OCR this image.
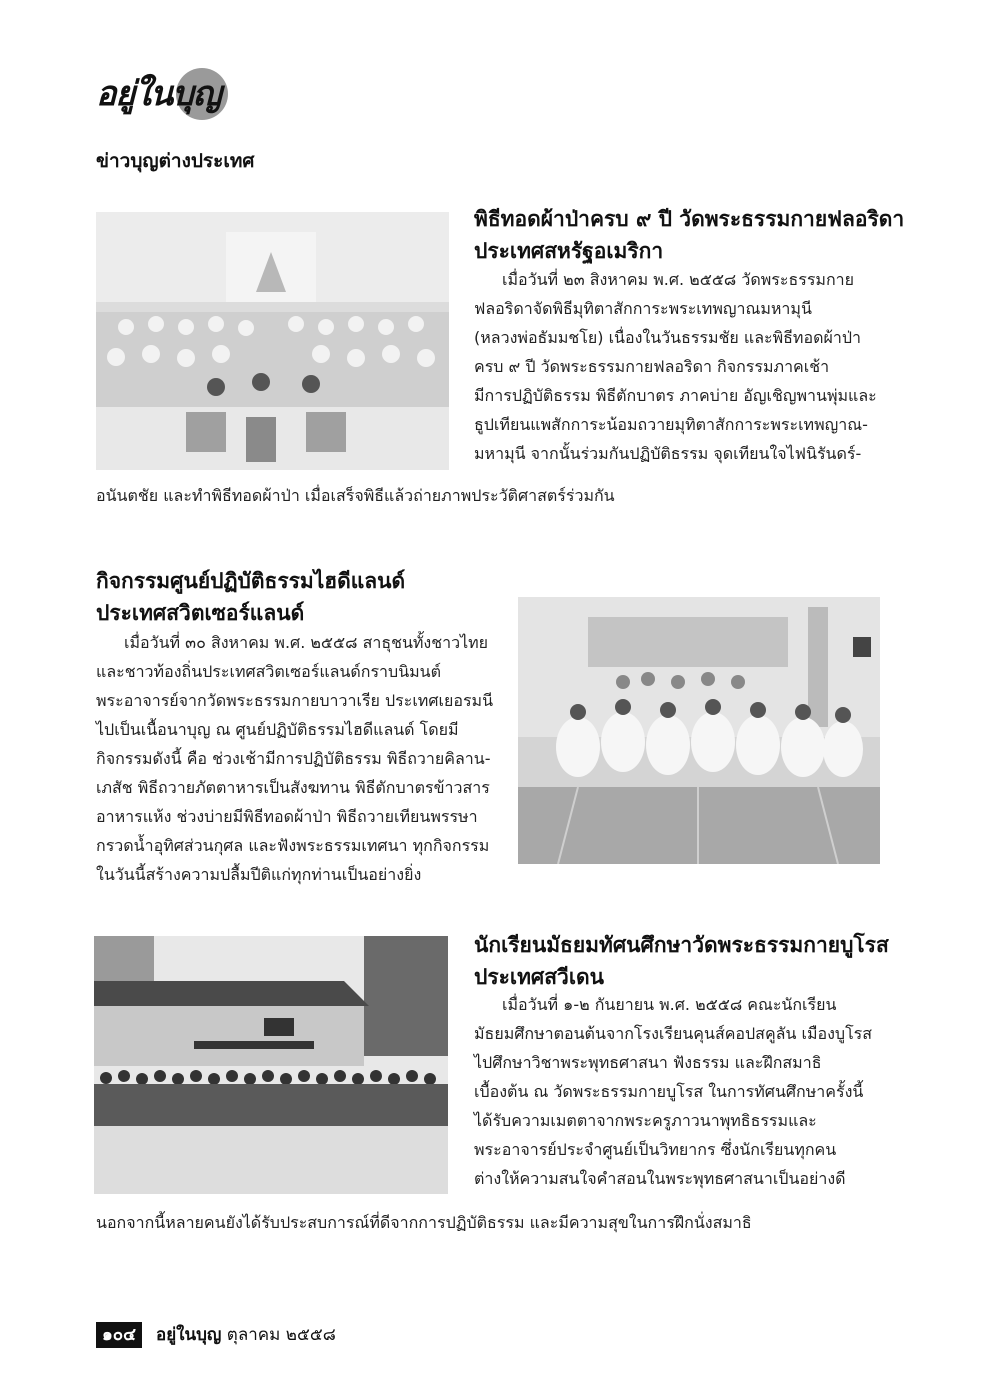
อยู่ในบุญ
ข่าวบุญต่างประเทศ
พิธีทอดผ้าป่าครบ ๙ ปี วัดพระธรรมกายฟลอริดา
ประเทศสหรัฐอเมริกา
เมื่อวันที่ ๒๓ สิงหาคม พ.ศ. ๒๕๕๘ วัดพระธรรมกาย
ฟลอริดาจัดพิธีมุทิตาสักการะพระเทพญาณมหามุนี
(หลวงพ่อธัมมชโย) เนื่องในวันธรรมชัย และพิธีทอดผ้าป่า
ครบ ๙ ปี วัดพระธรรมกายฟลอริดา กิจกรรมภาคเช้า
มีการปฏิบัติธรรม พิธีตักบาตร ภาคบ่าย อัญเชิญพานพุ่มและ
ธูปเทียนแพสักการะน้อมถวายมุทิตาสักการะพระเทพญาณ-
มหามุนี จากนั้นร่วมกันปฏิบัติธรรม จุดเทียนใจไฟนิรันดร์-
อนันตชัย และทำพิธีทอดผ้าป่า เมื่อเสร็จพิธีแล้วถ่ายภาพประวัติศาสตร์ร่วมกัน
กิจกรรมศูนย์ปฏิบัติธรรมไฮดีแลนด์
ประเทศสวิตเซอร์แลนด์
เมื่อวันที่ ๓๐ สิงหาคม พ.ศ. ๒๕๕๘ สาธุชนทั้งชาวไทย
และชาวท้องถิ่นประเทศสวิตเซอร์แลนด์กราบนิมนต์
พระอาจารย์จากวัดพระธรรมกายบาวาเรีย ประเทศเยอรมนี
ไปเป็นเนื้อนาบุญ ณ ศูนย์ปฏิบัติธรรมไฮดีแลนด์ โดยมี
กิจกรรมดังนี้ คือ ช่วงเช้ามีการปฏิบัติธรรม พิธีถวายคิลาน-
เภสัช พิธีถวายภัตตาหารเป็นสังฆทาน พิธีตักบาตรข้าวสาร
อาหารแห้ง ช่วงบ่ายมีพิธีทอดผ้าป่า พิธีถวายเทียนพรรษา
กรวดน้ำอุทิศส่วนกุศล และฟังพระธรรมเทศนา ทุกกิจกรรม
ในวันนี้สร้างความปลื้มปีติแก่ทุกท่านเป็นอย่างยิ่ง
นักเรียนมัธยมทัศนศึกษาวัดพระธรรมกายบูโรส
ประเทศสวีเดน
เมื่อวันที่ ๑-๒ กันยายน พ.ศ. ๒๕๕๘ คณะนักเรียน
มัธยมศึกษาตอนต้นจากโรงเรียนคุนส์คอปสคูลัน เมืองบูโรส
ไปศึกษาวิชาพระพุทธศาสนา ฟังธรรม และฝึกสมาธิ
เบื้องต้น ณ วัดพระธรรมกายบูโรส ในการทัศนศึกษาครั้งนี้
ได้รับความเมตตาจากพระครูภาวนาพุทธิธรรมและ
พระอาจารย์ประจำศูนย์เป็นวิทยากร ซึ่งนักเรียนทุกคน
ต่างให้ความสนใจคำสอนในพระพุทธศาสนาเป็นอย่างดี
นอกจากนี้หลายคนยังได้รับประสบการณ์ที่ดีจากการปฏิบัติธรรม และมีความสุขในการฝึกนั่งสมาธิ
๑๐๔	อยู่ในบุญ ตุลาคม ๒๕๕๘
